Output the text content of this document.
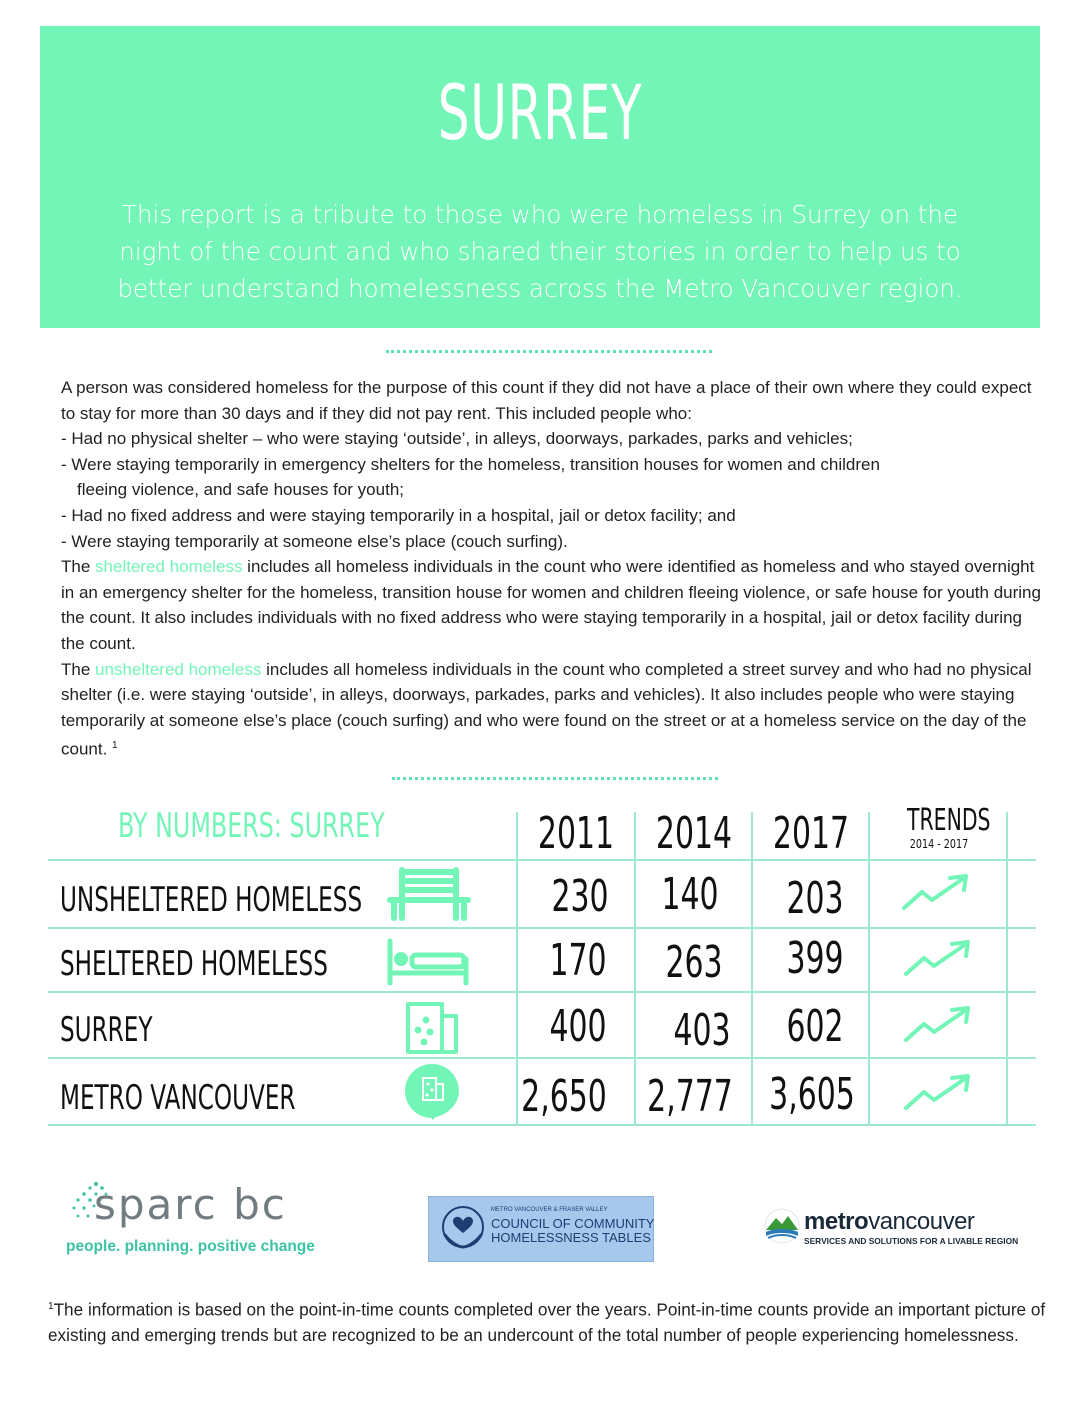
SURREY

This report is a tribute to those who were homeless in Surrey on the night of the count and who shared their stories in order to help us to better understand homelessness across the Metro Vancouver region.

A person was considered homeless for the purpose of this count if they did not have a place of their own where they could expect to stay for more than 30 days and if they did not pay rent. This included people who:

- Had no physical shelter – who were staying ‘outside’, in alleys, doorways, parkades, parks and vehicles;

- Were staying temporarily in emergency shelters for the homeless, transition houses for women and children

fleeing violence, and safe houses for youth;

- Had no fixed address and were staying temporarily in a hospital, jail or detox facility; and

- Were staying temporarily at someone else’s place (couch surfing).

The sheltered homeless includes all homeless individuals in the count who were identified as homeless and who stayed overnight in an emergency shelter for the homeless, transition house for women and children fleeing violence, or safe house for youth during the count. It also includes individuals with no fixed address who were staying temporarily in a hospital, jail or detox facility during the count.

The unsheltered homeless includes all homeless individuals in the count who completed a street survey and who had no physical shelter (i.e. were staying ‘outside’, in alleys, doorways, parkades, parks and vehicles). It also includes people who were staying temporarily at someone else’s place (couch surfing) and who were found on the street or at a homeless service on the day of the count. $^1$

BY NUMBERS: SURREY	2011 2014 2017 TRENDS
2014 - 2017
UNSHELTERED HOMELESS	230	140	203
SHELTERED HOMELESS	170	263	399
SURREY	400	403	602
METRO VANCOUVER	2,650 2,777 3,605
sparc bc
people. planning. positive change
METRO VANCOUVER & FRASER VALLEY
COUNCIL OF COMMUNITY
HOMELESSNESS TABLES
metrovancouver
SERVICES AND SOLUTIONS FOR A LIVABLE REGION
$^1$The information is based on the point-in-time counts completed over the years. Point-in-time counts provide an important picture of existing and emerging trends but are recognized to be an undercount of the total number of people experiencing homelessness.
